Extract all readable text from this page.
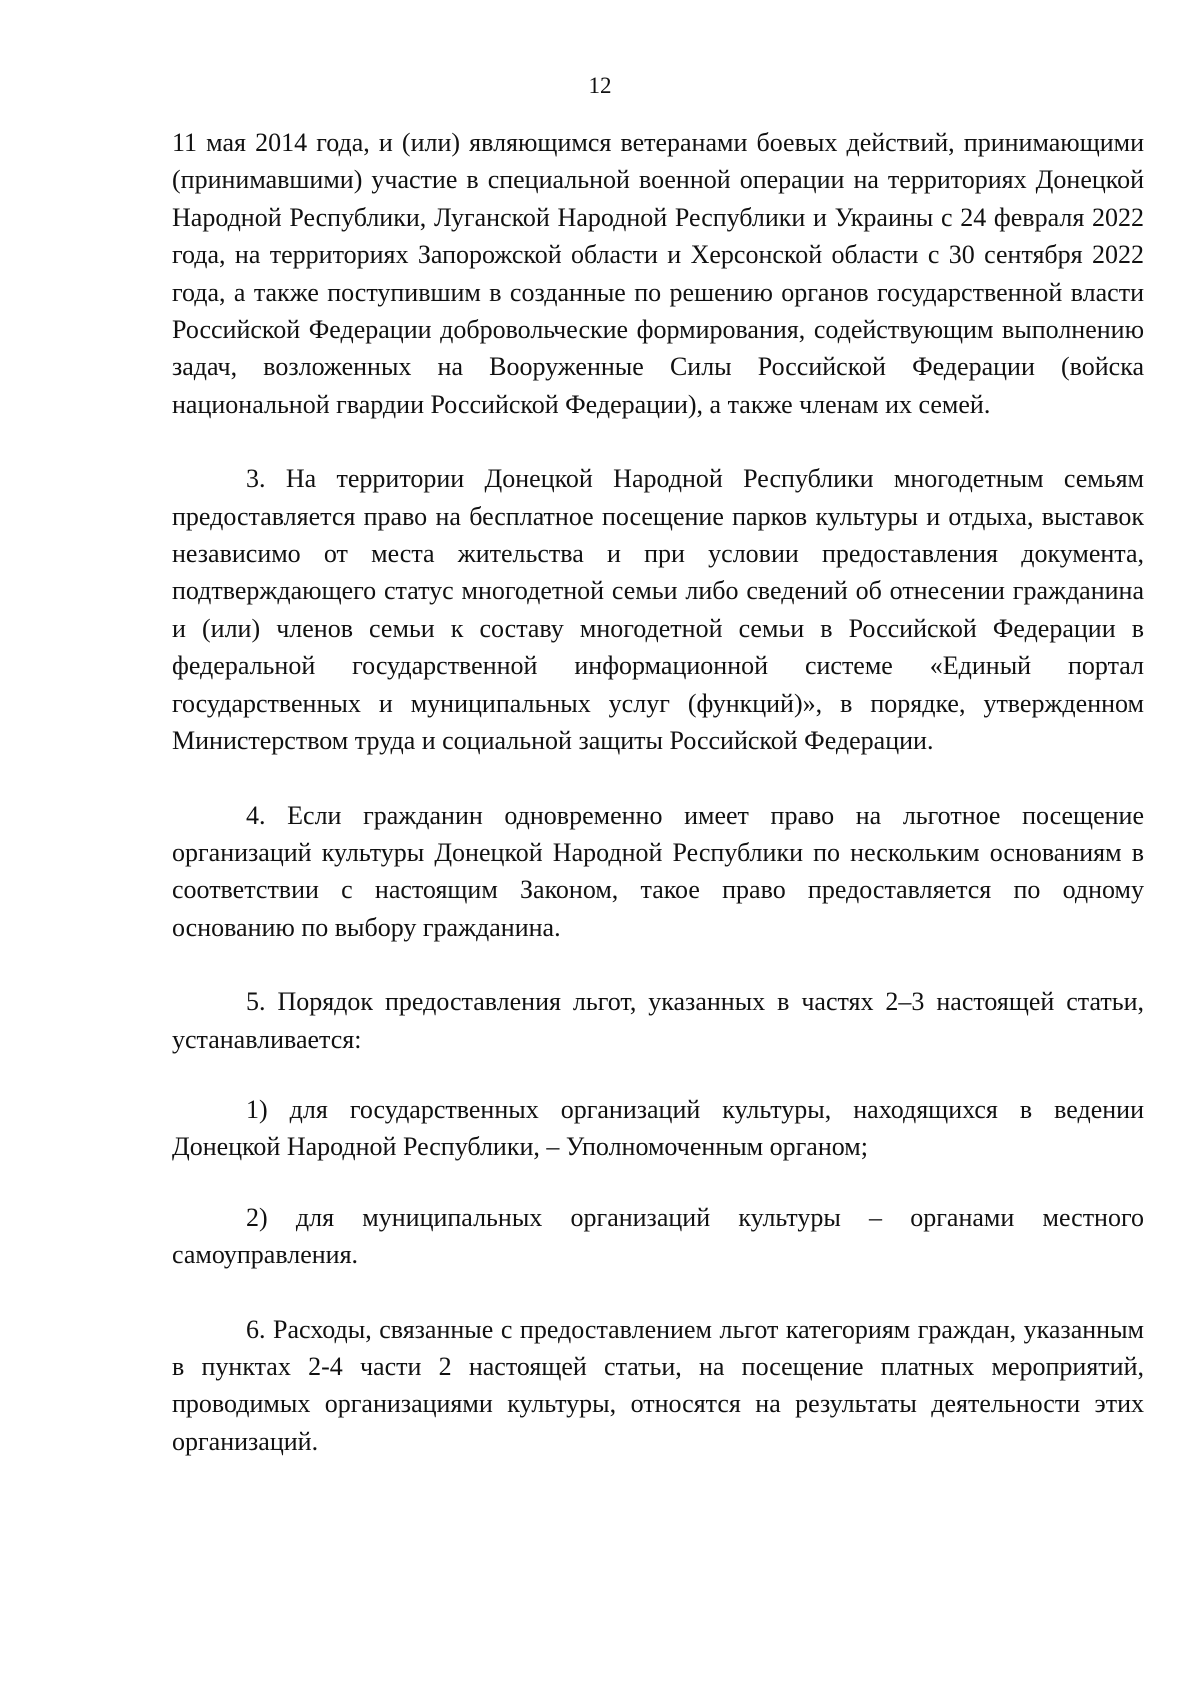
12

11 мая 2014 года, и (или) являющимся ветеранами боевых действий, принимающими (принимавшими) участие в специальной военной операции на территориях Донецкой Народной Республики, Луганской Народной Республики и Украины с 24 февраля 2022 года, на территориях Запорожской области и Херсонской области с 30 сентября 2022 года, а также поступившим в созданные по решению органов государственной власти Российской Федерации добровольческие формирования, содействующим выполнению задач, возложенных на Вооруженные Силы Российской Федерации (войска национальной гвардии Российской Федерации), а также членам их семей.

3. На территории Донецкой Народной Республики многодетным семьям предоставляется право на бесплатное посещение парков культуры и отдыха, выставок независимо от места жительства и при условии предоставления документа, подтверждающего статус многодетной семьи либо сведений об отнесении гражданина и (или) членов семьи к составу многодетной семьи в Российской Федерации в федеральной государственной информационной системе «Единый портал государственных и муниципальных услуг (функций)», в порядке, утвержденном Министерством труда и социальной защиты Российской Федерации.

4. Если гражданин одновременно имеет право на льготное посещение организаций культуры Донецкой Народной Республики по нескольким основаниям в соответствии с настоящим Законом, такое право предоставляется по одному основанию по выбору гражданина.

5. Порядок предоставления льгот, указанных в частях 2–3 настоящей статьи, устанавливается:

1) для государственных организаций культуры, находящихся в ведении Донецкой Народной Республики, – Уполномоченным органом;

2) для муниципальных организаций культуры – органами местного самоуправления.

6. Расходы, связанные с предоставлением льгот категориям граждан, указанным в пунктах 2-4 части 2 настоящей статьи, на посещение платных мероприятий, проводимых организациями культуры, относятся на результаты деятельности этих организаций.
